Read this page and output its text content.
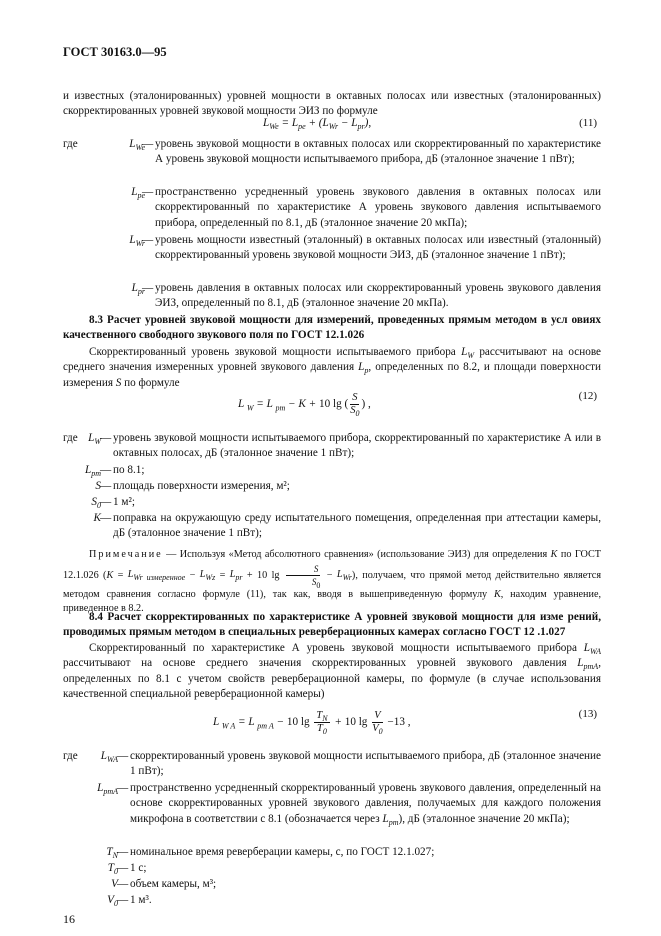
ГОСТ 30163.0—95
и известных (эталонированных) уровней мощности в октавных полосах или известных (эталонированных) скорректированных уровней звуковой мощности ЭИЗ по формуле
$L_{We} = L_{pe} + (L_{Wr} - L_{pr})$,	(11)
где	$L_{We}$ — уровень звуковой мощности в октавных полосах или скорректированный по характеристике А уровень звуковой мощности испытываемого прибора, дБ (эталонное значение 1 пВт);
$L_{pe}$ — пространственно усредненный уровень звукового давления в октавных полосах или скорректированный по характеристике А уровень звукового давления испытываемого прибора, определенный по 8.1, дБ (эталонное значение 20 мкПа);
$L_{Wr}$ — уровень мощности известный (эталонный) в октавных полосах или известный (эталонный) скорректированный уровень звуковой мощности ЭИЗ, дБ (эталонное значение 1 пВт);
$L_{pr}$ — уровень давления в октавных полосах или скорректированный уровень звукового давления ЭИЗ, определенный по 8.1, дБ (эталонное значение 20 мкПа).
8.3 Расчет уровней звуковой мощности для измерений, проведенных прямым методом в усл овиях качественного свободного звукового поля по ГОСТ 12.1.026
Скорректированный уровень звуковой мощности испытываемого прибора $L_W$ рассчитывают на основе среднего значения измеренных уровней звукового давления $L_p$, определенных по 8.2, и площади поверхности измерения S по формуле
L $_W$ = L $_{pm}$ − K + 10 lg ( $\frac{S}{S_0}$ ) ,
(12)
где $L_W$ — уровень звуковой мощности испытываемого прибора, скорректированный по характеристике А или в октавных полосах, дБ (эталонное значение 1 пВт);
$L_{pm}$ — по 8.1;
S — площадь поверхности измерения, м²;
$S_0$ — 1 м²;
K — поправка на окружающую среду испытательного помещения, определенная при аттестации камеры, дБ (эталонное значение 1 пВт);
Примечание — Используя «Метод абсолютного сравнения» (использование ЭИЗ) для определения K по ГОСТ 12.1.026 ($K = L_{Wr измеренное} - L_{Wz} = L_{pr} + 10$ $\lg \frac{S}{S_0} - L_{Wr}$), получаем, что прямой метод действительно является методом сравнения согласно формуле (11), так как, вводя в вышеприведенную формулу K, находим уравнение, приведенное в 8.2.
8.4 Расчет скорректированных по характеристике А уровней звуковой мощности для изме рений, проводимых прямым методом в специальных реверберационных камерах согласно ГОСТ 12 .1.027
Скорректированный по характеристике А уровень звуковой мощности испытываемого прибора $L_{WA}$ рассчитывают на основе среднего значения скорректированных уровней звукового давления $L_{pmA}$, определенных по 8.1 с учетом свойств реверберационной камеры, по формуле (в случае использования качественной специальной реверберационной камеры)
L $_{W A}$ = L $_{pm A}$ − 10 $\lg \frac{T_N}{T_0} + 10$ $\lg \frac{V}{V_0} -13$ ,
(13)
где	$L_{WA}$ — скорректированный уровень звуковой мощности испытываемого прибора, дБ (эталонное значение 1 пВт);
$L_{pmA}$ — пространственно усредненный скорректированный уровень звукового давления, определенный на основе скорректированных уровней звукового давления, получаемых для каждого положения микрофона в соответствии с 8.1 (обозначается через $L_{pm}$), дБ (эталонное значение 20 мкПа);
$T_N$ — номинальное время реверберации камеры, с, по ГОСТ 12.1.027;
$T_0$ — 1 с;
V — объем камеры, м³;
$V_0$ — 1 м³.
16
